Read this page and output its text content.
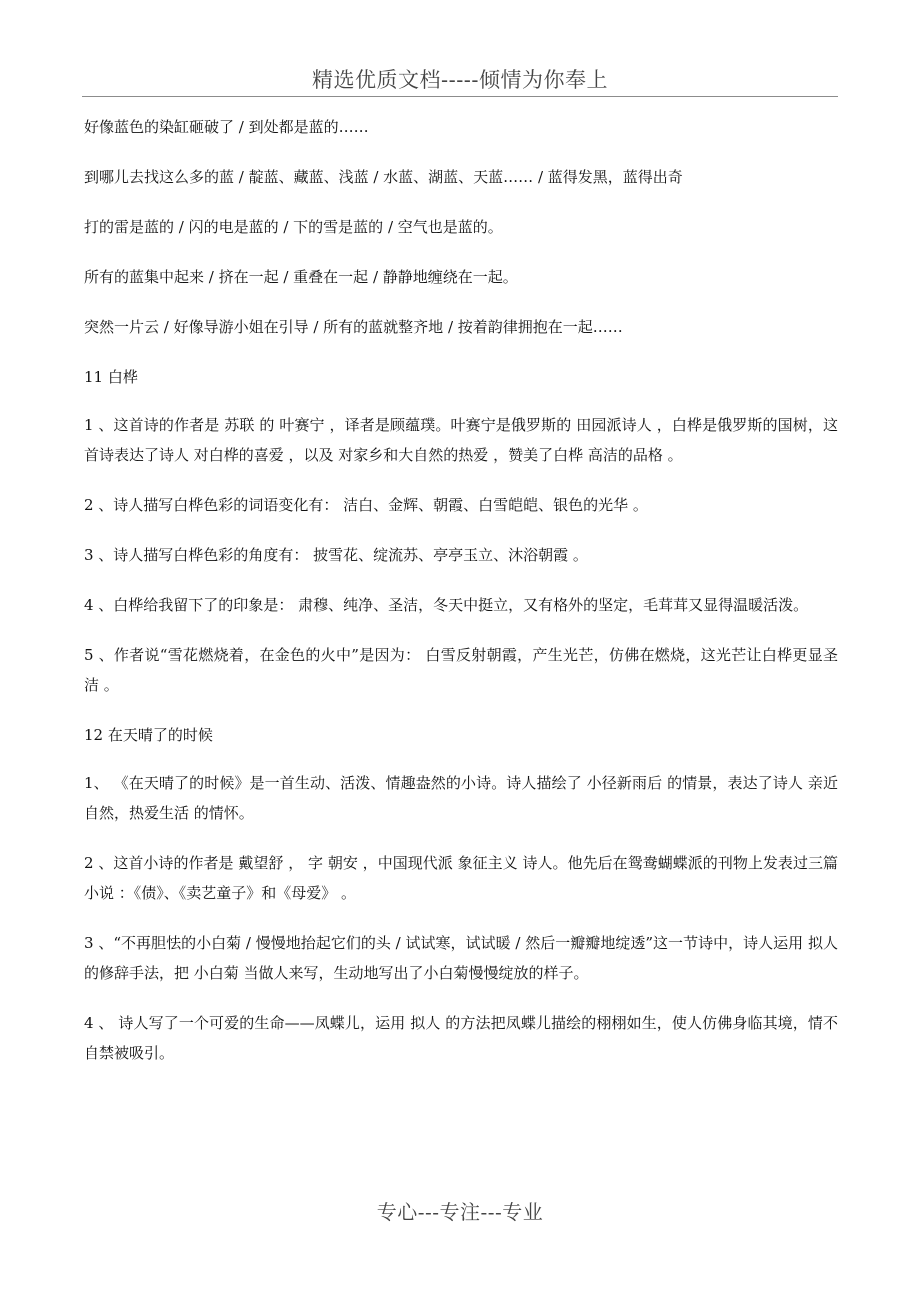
精选优质文档-----倾情为你奉上

好像蓝色的染缸砸破了 / 到处都是蓝的……

到哪儿去找这么多的蓝 / 靛蓝、藏蓝、浅蓝 / 水蓝、湖蓝、天蓝…… / 蓝得发黑，蓝得出奇

打的雷是蓝的 / 闪的电是蓝的 / 下的雪是蓝的 / 空气也是蓝的。

所有的蓝集中起来 / 挤在一起 / 重叠在一起 / 静静地缠绕在一起。

突然一片云 / 好像导游小姐在引导 / 所有的蓝就整齐地 / 按着韵律拥抱在一起……

11 白桦

1 、这首诗的作者是 苏联 的 叶赛宁 ，译者是顾蕴璞。叶赛宁是俄罗斯的 田园派诗人 ，白桦是俄罗斯的国树，这首诗表达了诗人 对白桦的喜爱 ，以及 对家乡和大自然的热爱 ，赞美了白桦 高洁的品格 。

2 、诗人描写白桦色彩的词语变化有： 洁白、金辉、朝霞、白雪皑皑、银色的光华 。

3 、诗人描写白桦色彩的角度有： 披雪花、绽流苏、亭亭玉立、沐浴朝霞 。

4 、白桦给我留下了的印象是： 肃穆、纯净、圣洁，冬天中挺立，又有格外的坚定，毛茸茸又显得温暖活泼。

5 、作者说“雪花燃烧着，在金色的火中”是因为： 白雪反射朝霞，产生光芒，仿佛在燃烧，这光芒让白桦更显圣洁 。

12 在天晴了的时候

1、 《在天晴了的时候》是一首生动、活泼、情趣盎然的小诗。诗人描绘了 小径新雨后 的情景，表达了诗人 亲近自然，热爱生活 的情怀。

2 、这首小诗的作者是 戴望舒 ， 字 朝安 ，中国现代派 象征主义 诗人。他先后在鸳鸯蝴蝶派的刊物上发表过三篇小说 ：《债》、《卖艺童子》和《母爱》 。

3 、“不再胆怯的小白菊 / 慢慢地抬起它们的头 / 试试寒，试试暖 / 然后一瓣瓣地绽透”这一节诗中，诗人运用 拟人 的修辞手法，把 小白菊 当做人来写，生动地写出了小白菊慢慢绽放的样子。

4 、 诗人写了一个可爱的生命——凤蝶儿，运用 拟人 的方法把凤蝶儿描绘的栩栩如生，使人仿佛身临其境，情不自禁被吸引。

专心---专注---专业
